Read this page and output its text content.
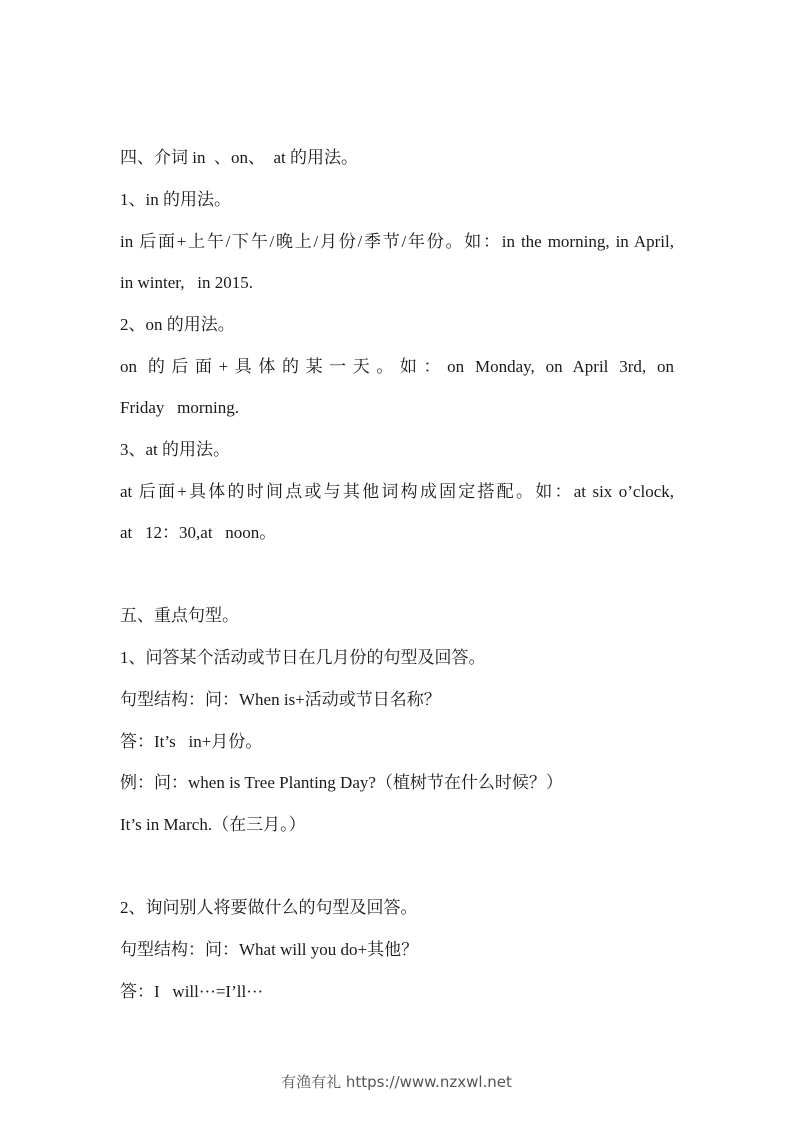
四、介词 in  、on、  at 的用法。
1、in 的用法。
in 后面+上午/下午/晚上/月份/季节/年份。如：in the morning, in April,
in winter,   in 2015.
2、on 的用法。
on 的后面+具体的某一天。如：on Monday, on April 3rd, on
Friday   morning.
3、at 的用法。
at 后面+具体的时间点或与其他词构成固定搭配。如：at six o’clock,
at   12：30,at   noon。
五、重点句型。
1、问答某个活动或节日在几月份的句型及回答。
句型结构：问：When is+活动或节日名称？
答：It’s   in+月份。
例：问：when is Tree Planting Day?（植树节在什么时候？）
It’s in March.（在三月。）
2、询问别人将要做什么的句型及回答。
句型结构：问：What will you do+其他？
答：I   will···=I’ll···
有渔有礼 https://www.nzxwl.net
